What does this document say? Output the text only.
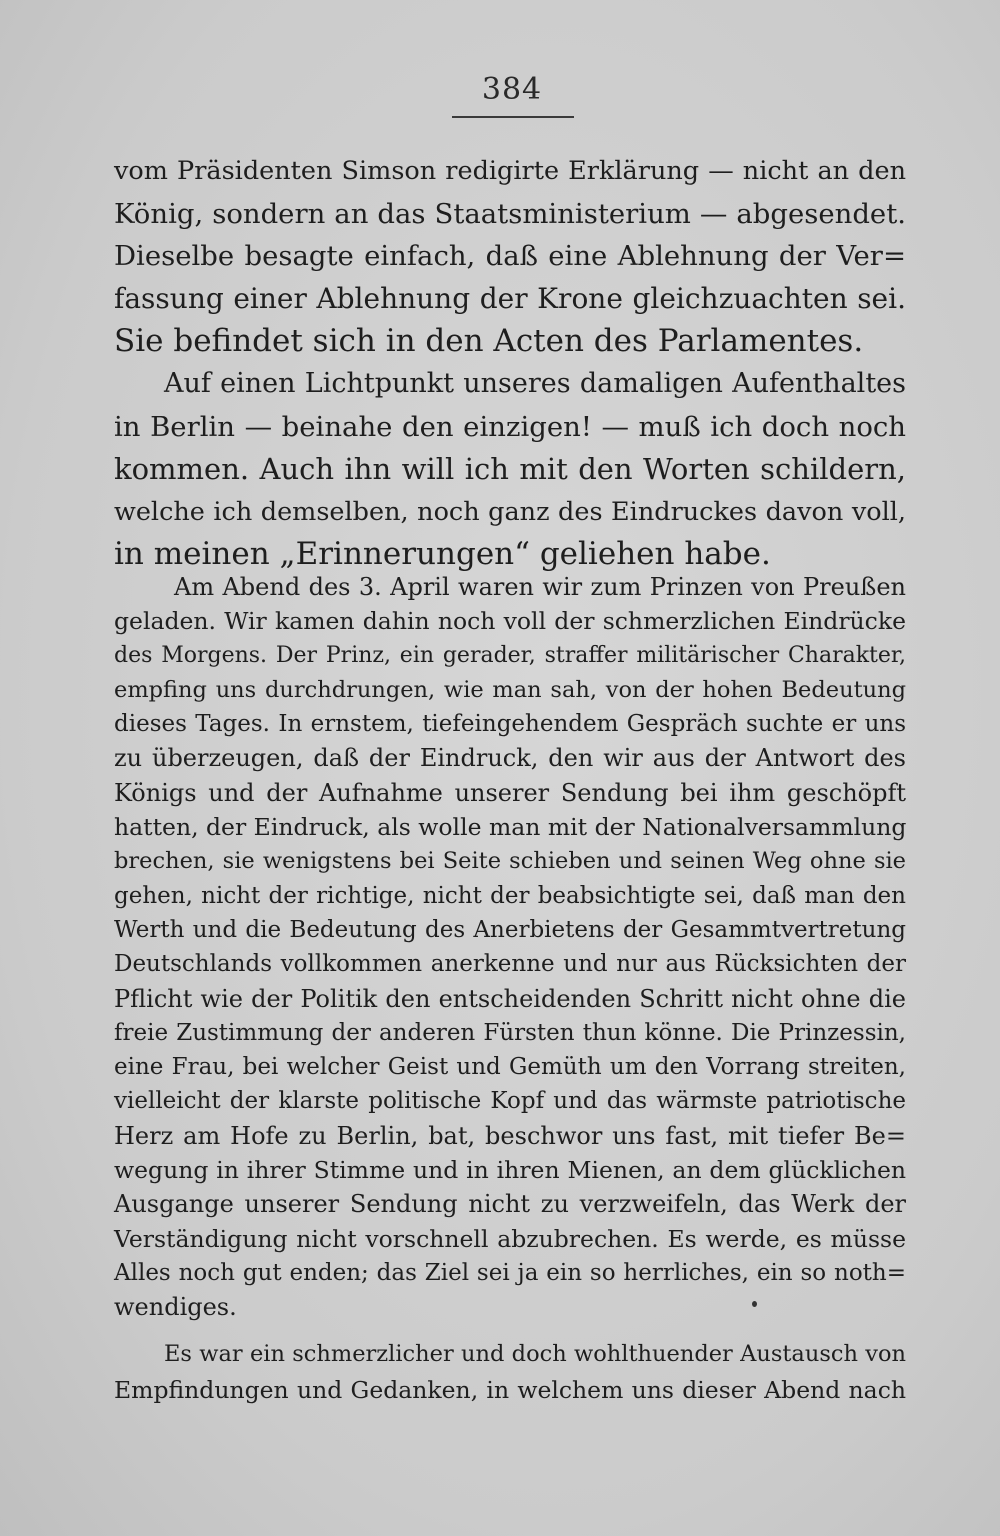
384
vom Präsidenten Simson redigirte Erklärung — nicht an den
König, sondern an das Staatsministerium — abgesendet.
Dieselbe besagte einfach, daß eine Ablehnung der Ver=
fassung einer Ablehnung der Krone gleichzuachten sei.
Sie befindet sich in den Acten des Parlamentes.
Auf einen Lichtpunkt unseres damaligen Aufenthaltes
in Berlin — beinahe den einzigen! — muß ich doch noch
kommen. Auch ihn will ich mit den Worten schildern,
welche ich demselben, noch ganz des Eindruckes davon voll,
in meinen „Erinnerungen“ geliehen habe.
Am Abend des 3. April waren wir zum Prinzen von Preußen
geladen. Wir kamen dahin noch voll der schmerzlichen Eindrücke
des Morgens. Der Prinz, ein gerader, straffer militärischer Charakter,
empfing uns durchdrungen, wie man sah, von der hohen Bedeutung
dieses Tages. In ernstem, tiefeingehendem Gespräch suchte er uns
zu überzeugen, daß der Eindruck, den wir aus der Antwort des
Königs und der Aufnahme unserer Sendung bei ihm geschöpft
hatten, der Eindruck, als wolle man mit der Nationalversammlung
brechen, sie wenigstens bei Seite schieben und seinen Weg ohne sie
gehen, nicht der richtige, nicht der beabsichtigte sei, daß man den
Werth und die Bedeutung des Anerbietens der Gesammtvertretung
Deutschlands vollkommen anerkenne und nur aus Rücksichten der
Pflicht wie der Politik den entscheidenden Schritt nicht ohne die
freie Zustimmung der anderen Fürsten thun könne. Die Prinzessin,
eine Frau, bei welcher Geist und Gemüth um den Vorrang streiten,
vielleicht der klarste politische Kopf und das wärmste patriotische
Herz am Hofe zu Berlin, bat, beschwor uns fast, mit tiefer Be=
wegung in ihrer Stimme und in ihren Mienen, an dem glücklichen
Ausgange unserer Sendung nicht zu verzweifeln, das Werk der
Verständigung nicht vorschnell abzubrechen. Es werde, es müsse
Alles noch gut enden; das Ziel sei ja ein so herrliches, ein so noth=
wendiges.
Es war ein schmerzlicher und doch wohlthuender Austausch von
Empfindungen und Gedanken, in welchem uns dieser Abend nach
